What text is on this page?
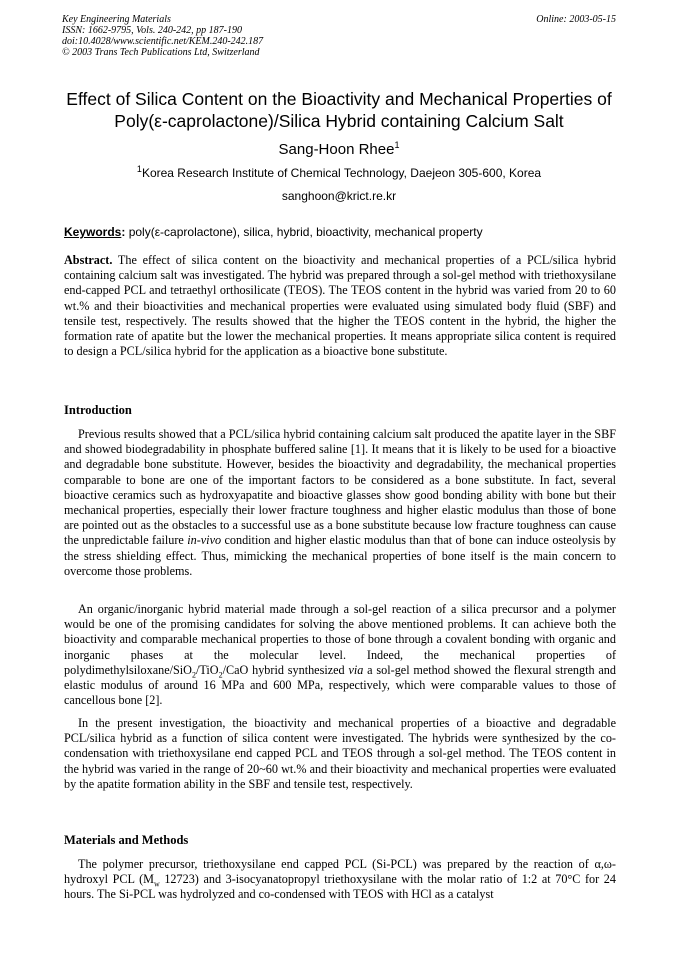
Key Engineering Materials
ISSN: 1662-9795, Vols. 240-242, pp 187-190
doi:10.4028/www.scientific.net/KEM.240-242.187
© 2003 Trans Tech Publications Ltd, Switzerland
Online: 2003-05-15
Effect of Silica Content on the Bioactivity and Mechanical Properties of
Poly(ε-caprolactone)/Silica Hybrid containing Calcium Salt
Sang-Hoon Rhee$^1$
$^1$Korea Research Institute of Chemical Technology, Daejeon 305-600, Korea
sanghoon@krict.re.kr
Keywords: poly(ε-caprolactone), silica, hybrid, bioactivity, mechanical property
Abstract. The effect of silica content on the bioactivity and mechanical properties of a PCL/silica hybrid containing calcium salt was investigated. The hybrid was prepared through a sol-gel method with triethoxysilane end-capped PCL and tetraethyl orthosilicate (TEOS). The TEOS content in the hybrid was varied from 20 to 60 wt.% and their bioactivities and mechanical properties were evaluated using simulated body fluid (SBF) and tensile test, respectively. The results showed that the higher the TEOS content in the hybrid, the higher the formation rate of apatite but the lower the mechanical properties. It means appropriate silica content is required to design a PCL/silica hybrid for the application as a bioactive bone substitute.
Introduction
Previous results showed that a PCL/silica hybrid containing calcium salt produced the apatite layer in the SBF and showed biodegradability in phosphate buffered saline [1]. It means that it is likely to be used for a bioactive and degradable bone substitute. However, besides the bioactivity and degradability, the mechanical properties comparable to bone are one of the important factors to be considered as a bone substitute. In fact, several bioactive ceramics such as hydroxyapatite and bioactive glasses show good bonding ability with bone but their mechanical properties, especially their lower fracture toughness and higher elastic modulus than those of bone are pointed out as the obstacles to a successful use as a bone substitute because low fracture toughness can cause the unpredictable failure in-vivo condition and higher elastic modulus than that of bone can induce osteolysis by the stress shielding effect. Thus, mimicking the mechanical properties of bone itself is the main concern to overcome those problems.
An organic/inorganic hybrid material made through a sol-gel reaction of a silica precursor and a polymer would be one of the promising candidates for solving the above mentioned problems. It can achieve both the bioactivity and comparable mechanical properties to those of bone through a covalent bonding with organic and inorganic phases at the molecular level. Indeed, the mechanical properties of polydimethylsiloxane/SiO$_2$/TiO$_2$/CaO hybrid synthesized via a sol-gel method showed the flexural strength and elastic modulus of around 16 MPa and 600 MPa, respectively, which were comparable values to those of cancellous bone [2].
In the present investigation, the bioactivity and mechanical properties of a bioactive and degradable PCL/silica hybrid as a function of silica content were investigated. The hybrids were synthesized by the co-condensation with triethoxysilane end capped PCL and TEOS through a sol-gel method. The TEOS content in the hybrid was varied in the range of 20~60 wt.% and their bioactivity and mechanical properties were evaluated by the apatite formation ability in the SBF and tensile test, respectively.
Materials and Methods
The polymer precursor, triethoxysilane end capped PCL (Si-PCL) was prepared by the reaction of α,ω-hydroxyl PCL ($M_w$ 12723) and 3-isocyanatopropyl triethoxysilane with the molar ratio of 1:2 at 70°C for 24 hours. The Si-PCL was hydrolyzed and co-condensed with TEOS with HCl as a catalyst
